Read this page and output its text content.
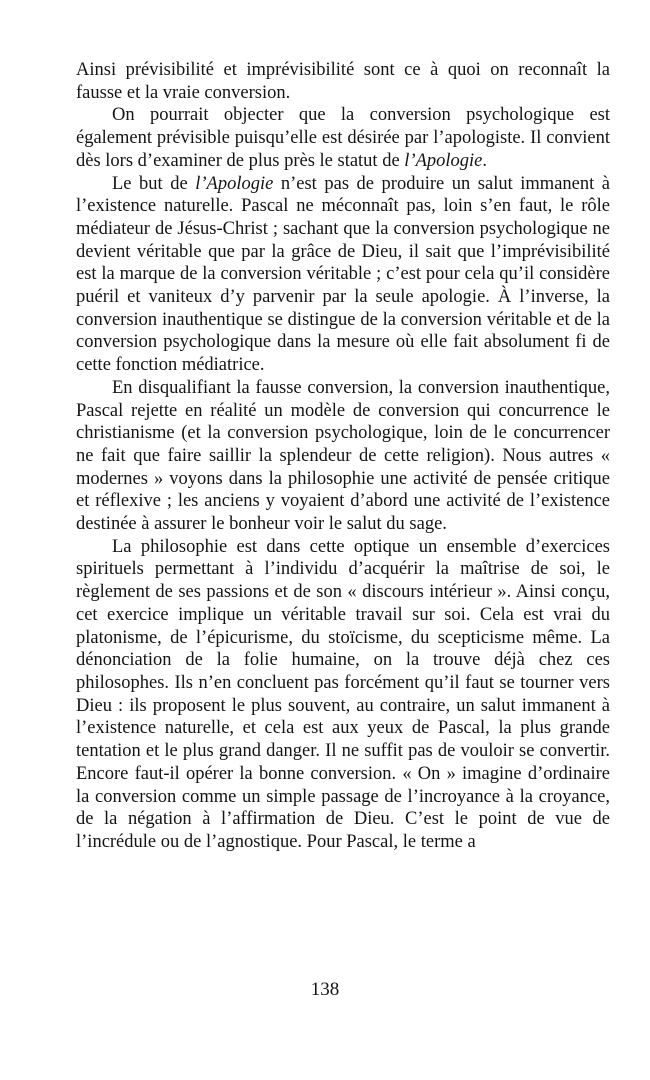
Ainsi prévisibilité et imprévisibilité sont ce à quoi on reconnaît la fausse et la vraie conversion.

On pourrait objecter que la conversion psychologique est également prévisible puisqu’elle est désirée par l’apologiste. Il convient dès lors d’examiner de plus près le statut de l’Apologie.

Le but de l’Apologie n’est pas de produire un salut immanent à l’existence naturelle. Pascal ne méconnaît pas, loin s’en faut, le rôle médiateur de Jésus-Christ ; sachant que la conversion psychologique ne devient véritable que par la grâce de Dieu, il sait que l’imprévisibilité est la marque de la conversion véritable ; c’est pour cela qu’il considère puéril et vaniteux d’y parvenir par la seule apologie. À l’inverse, la conversion inauthentique se distingue de la conversion véritable et de la conversion psychologique dans la mesure où elle fait absolument fi de cette fonction médiatrice.

En disqualifiant la fausse conversion, la conversion inauthentique, Pascal rejette en réalité un modèle de conversion qui concurrence le christianisme (et la conversion psychologique, loin de le concurrencer ne fait que faire saillir la splendeur de cette religion). Nous autres « modernes » voyons dans la philosophie une activité de pensée critique et réflexive ; les anciens y voyaient d’abord une activité de l’existence destinée à assurer le bonheur voir le salut du sage.

La philosophie est dans cette optique un ensemble d’exercices spirituels permettant à l’individu d’acquérir la maîtrise de soi, le règlement de ses passions et de son « discours intérieur ». Ainsi conçu, cet exercice implique un véritable travail sur soi. Cela est vrai du platonisme, de l’épicurisme, du stoïcisme, du scepticisme même. La dénonciation de la folie humaine, on la trouve déjà chez ces philosophes. Ils n’en concluent pas forcément qu’il faut se tourner vers Dieu : ils proposent le plus souvent, au contraire, un salut immanent à l’existence naturelle, et cela est aux yeux de Pascal, la plus grande tentation et le plus grand danger. Il ne suffit pas de vouloir se convertir. Encore faut-il opérer la bonne conversion. « On » imagine d’ordinaire la conversion comme un simple passage de l’incroyance à la croyance, de la négation à l’affirmation de Dieu. C’est le point de vue de l’incrédule ou de l’agnostique. Pour Pascal, le terme a

138
